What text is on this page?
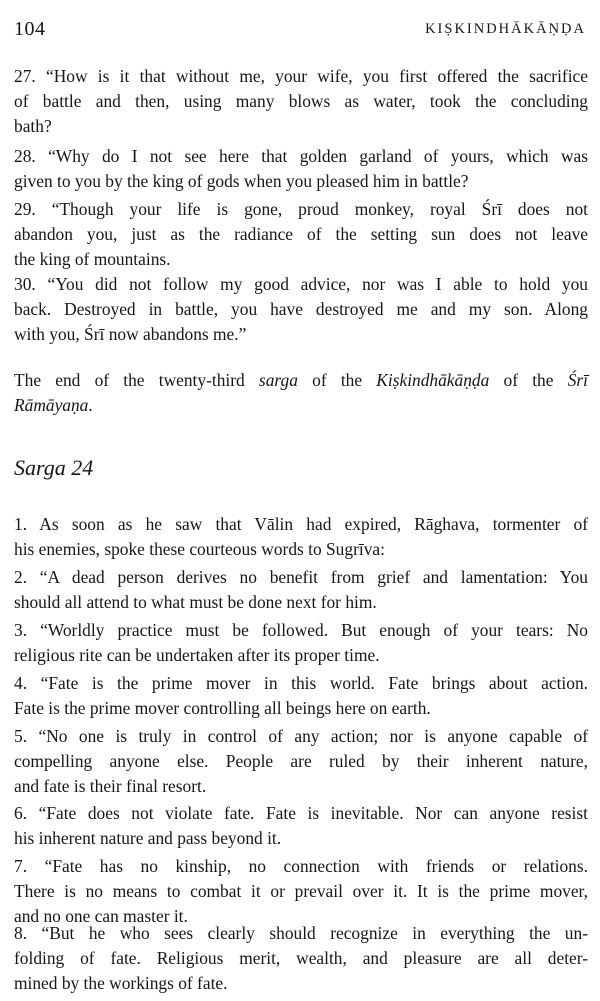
104	KIṢKINDHĀKĀṆḌA

27. “How is it that without me, your wife, you first offered the sacrifice
of battle and then, using many blows as water, took the concluding
bath?

28. “Why do I not see here that golden garland of yours, which was
given to you by the king of gods when you pleased him in battle?

29. “Though your life is gone, proud monkey, royal Śrī does not
abandon you, just as the radiance of the setting sun does not leave
the king of mountains.

30. “You did not follow my good advice, nor was I able to hold you
back. Destroyed in battle, you have destroyed me and my son. Along
with you, Śrī now abandons me.”

The end of the twenty-third sarga of the Kiṣkindhākāṇḍa of the Śrī
Rāmāyaṇa.

Sarga 24

1. As soon as he saw that Vālin had expired, Rāghava, tormenter of
his enemies, spoke these courteous words to Sugrīva:

2. “A dead person derives no benefit from grief and lamentation: You
should all attend to what must be done next for him.

3. “Worldly practice must be followed. But enough of your tears: No
religious rite can be undertaken after its proper time.

4. “Fate is the prime mover in this world. Fate brings about action.
Fate is the prime mover controlling all beings here on earth.

5. “No one is truly in control of any action; nor is anyone capable of
compelling anyone else. People are ruled by their inherent nature,
and fate is their final resort.

6. “Fate does not violate fate. Fate is inevitable. Nor can anyone resist
his inherent nature and pass beyond it.

7. “Fate has no kinship, no connection with friends or relations.
There is no means to combat it or prevail over it. It is the prime mover,
and no one can master it.

8. “But he who sees clearly should recognize in everything the un-
folding of fate. Religious merit, wealth, and pleasure are all deter-
mined by the workings of fate.
